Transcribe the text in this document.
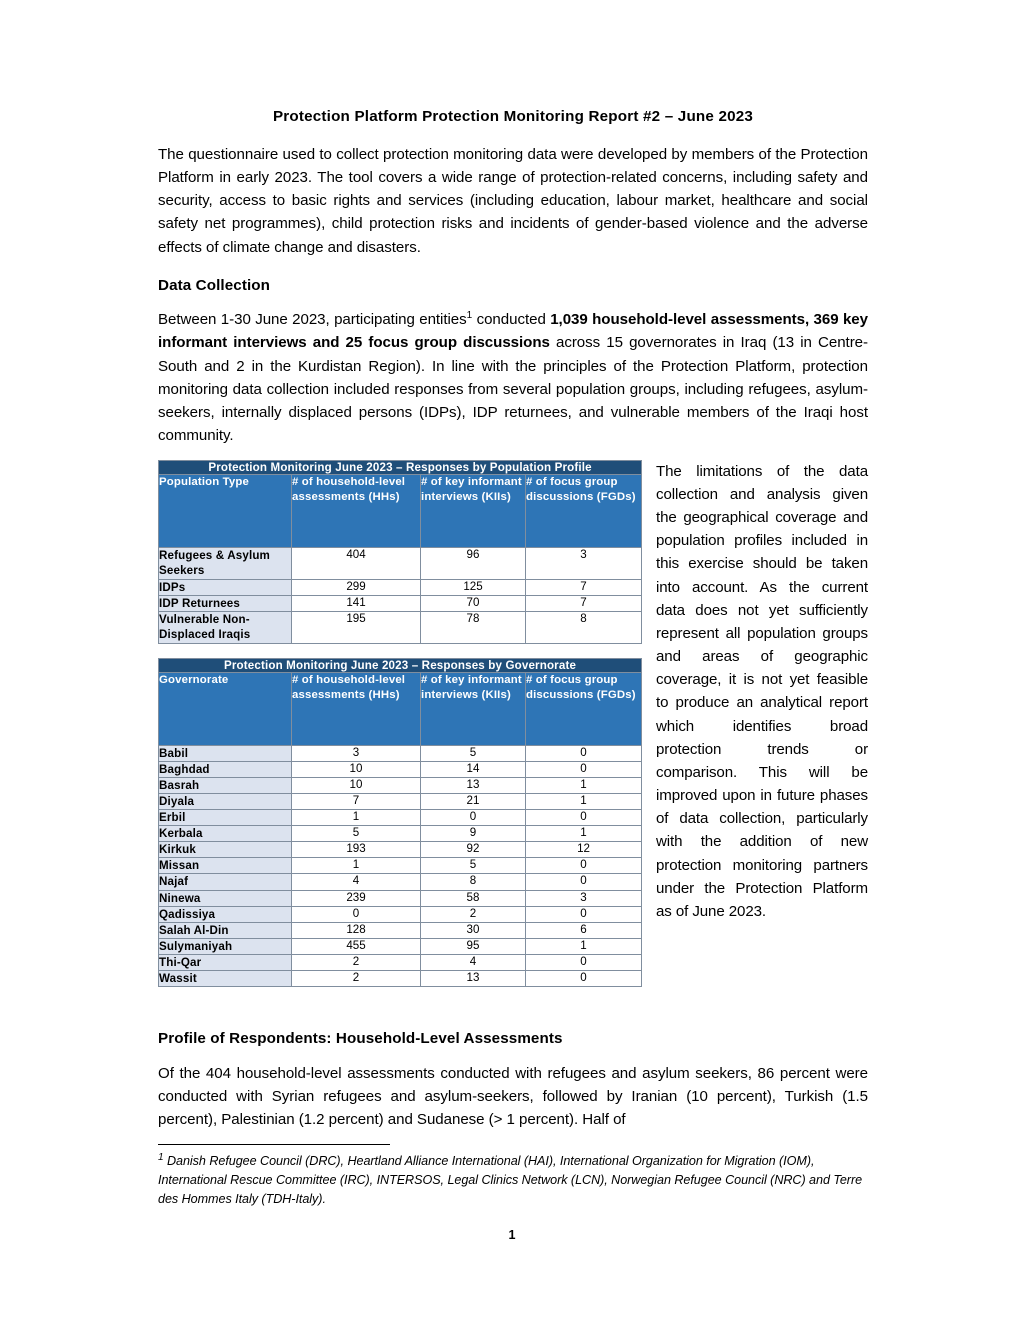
Protection Platform Protection Monitoring Report #2 – June 2023

The questionnaire used to collect protection monitoring data were developed by members of the Protection Platform in early 2023. The tool covers a wide range of protection-related concerns, including safety and security, access to basic rights and services (including education, labour market, healthcare and social safety net programmes), child protection risks and incidents of gender-based violence and the adverse effects of climate change and disasters.

Data Collection

Between 1-30 June 2023, participating entities$^1$ conducted 1,039 household-level assessments, 369 key informant interviews and 25 focus group discussions across 15 governorates in Iraq (13 in Centre-South and 2 in the Kurdistan Region). In line with the principles of the Protection Platform, protection monitoring data collection included responses from several population groups, including refugees, asylum-seekers, internally displaced persons (IDPs), IDP returnees, and vulnerable members of the Iraqi host community.

The limitations of the data collection and analysis given the geographical coverage and population profiles included in this exercise should be taken into account. As the current data does not yet sufficiently represent all population groups and areas of geographic coverage, it is not yet feasible to produce an analytical report which identifies broad protection trends or comparison. This will be improved upon in future phases of data collection, particularly with the addition of new protection monitoring partners under the Protection Platform as of June 2023.

Protection Monitoring June 2023 – Responses by Population Profile			
Population Type	# of household-level assessments (HHs)	# of key informant interviews (KIIs)	# of focus group discussions (FGDs)
Refugees & Asylum Seekers	404	96	3
IDPs	299	125	7
IDP Returnees	141	70	7
Vulnerable Non-Displaced Iraqis	195	78	8
Protection Monitoring June 2023 – Responses by Governorate			
Governorate	# of household-level assessments (HHs)	# of key informant interviews (KIIs)	# of focus group discussions (FGDs)
Babil	3	5	0
Baghdad	10	14	0
Basrah	10	13	1
Diyala	7	21	1
Erbil	1	0	0
Kerbala	5	9	1
Kirkuk	193	92	12
Missan	1	5	0
Najaf	4	8	0
Ninewa	239	58	3
Qadissiya	0	2	0
Salah Al-Din	128	30	6
Sulymaniyah	455	95	1
Thi-Qar	2	4	0
Wassit	2	13	0
Profile of Respondents: Household-Level Assessments

Of the 404 household-level assessments conducted with refugees and asylum seekers, 86 percent were conducted with Syrian refugees and asylum-seekers, followed by Iranian (10 percent), Turkish (1.5 percent), Palestinian (1.2 percent) and Sudanese (> 1 percent). Half of

$^1$ Danish Refugee Council (DRC), Heartland Alliance International (HAI), International Organization for Migration (IOM), International Rescue Committee (IRC), INTERSOS, Legal Clinics Network (LCN), Norwegian Refugee Council (NRC) and Terre des Hommes Italy (TDH-Italy).

1
